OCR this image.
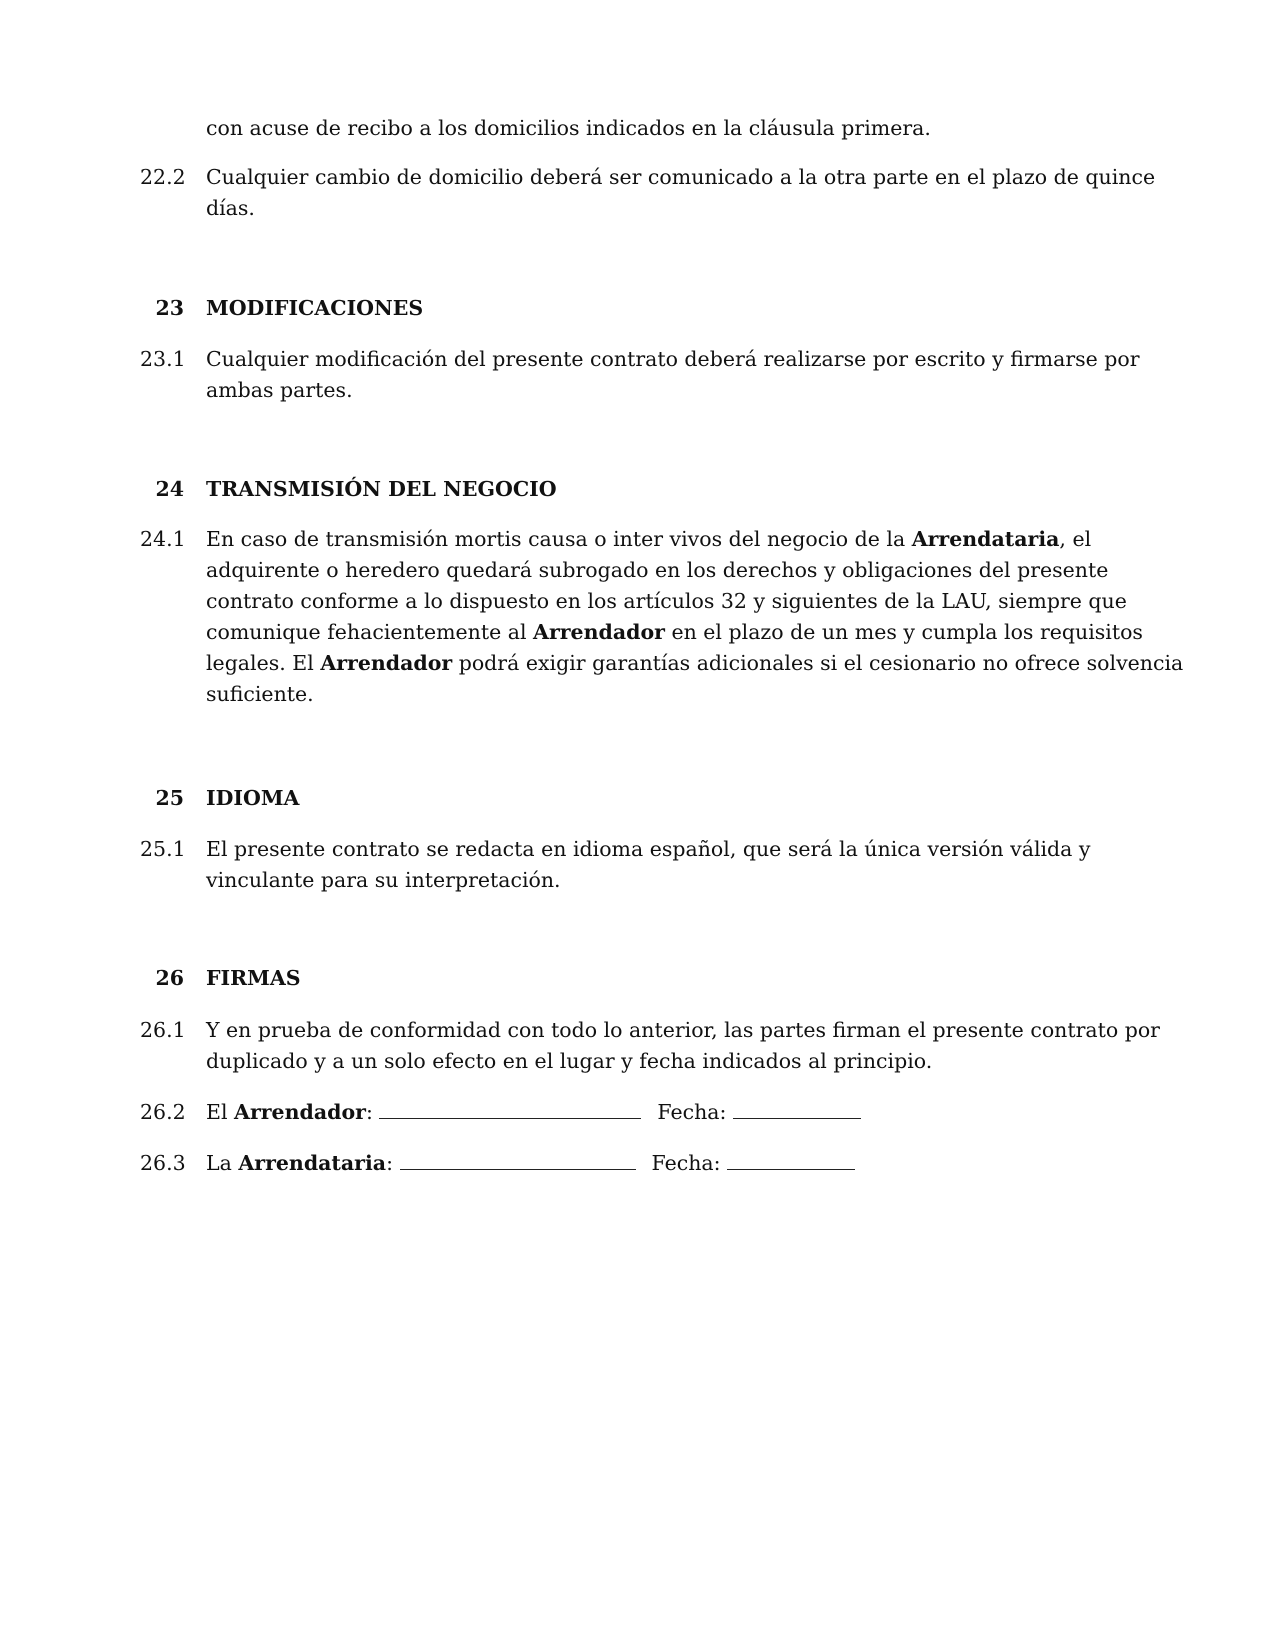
con acuse de recibo a los domicilios indicados en la cláusula primera.
22.2 Cualquier cambio de domicilio deberá ser comunicado a la otra parte en el plazo de quince
días.
23 MODIFICACIONES
23.1 Cualquier modificación del presente contrato deberá realizarse por escrito y firmarse por
ambas partes.
24 TRANSMISIÓN DEL NEGOCIO
24.1 En caso de transmisión mortis causa o inter vivos del negocio de la Arrendataria, el
adquirente o heredero quedará subrogado en los derechos y obligaciones del presente
contrato conforme a lo dispuesto en los artículos 32 y siguientes de la LAU, siempre que
comunique fehacientemente al Arrendador en el plazo de un mes y cumpla los requisitos
legales. El Arrendador podrá exigir garantías adicionales si el cesionario no ofrece solvencia
suficiente.
25 IDIOMA
25.1 El presente contrato se redacta en idioma español, que será la única versión válida y
vinculante para su interpretación.
26 FIRMAS
26.1 Y en prueba de conformidad con todo lo anterior, las partes firman el presente contrato por
duplicado y a un solo efecto en el lugar y fecha indicados al principio.
26.2 El Arrendador:	Fecha:
26.3 La Arrendataria:	Fecha:
